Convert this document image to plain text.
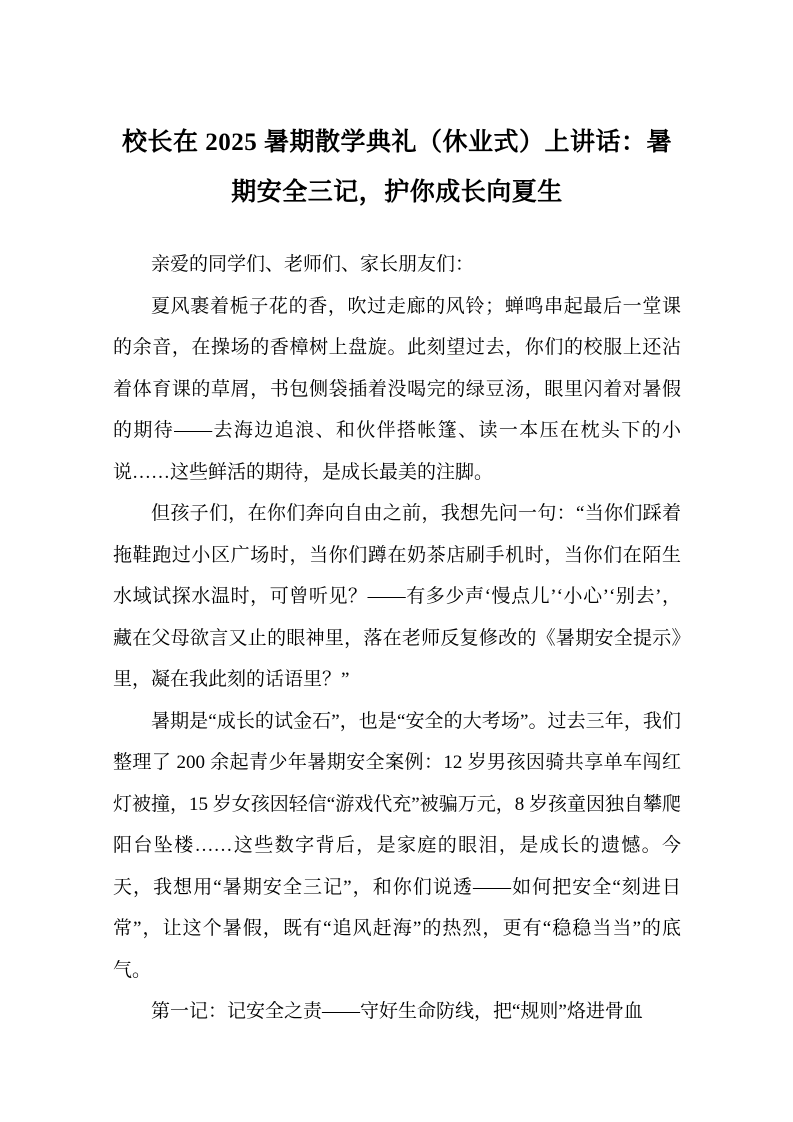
校长在 2025 暑期散学典礼（休业式）上讲话：暑期安全三记，护你成长向夏生

亲爱的同学们、老师们、家长朋友们：

夏风裹着栀子花的香，吹过走廊的风铃；蝉鸣串起最后一堂课的余音，在操场的香樟树上盘旋。此刻望过去，你们的校服上还沾着体育课的草屑，书包侧袋插着没喝完的绿豆汤，眼里闪着对暑假的期待——去海边追浪、和伙伴搭帐篷、读一本压在枕头下的小说……这些鲜活的期待，是成长最美的注脚。

但孩子们，在你们奔向自由之前，我想先问一句：“当你们踩着拖鞋跑过小区广场时，当你们蹲在奶茶店刷手机时，当你们在陌生水域试探水温时，可曾听见？——有多少声‘慢点儿’‘小心’‘别去’，藏在父母欲言又止的眼神里，落在老师反复修改的《暑期安全提示》里，凝在我此刻的话语里？”

暑期是“成长的试金石”，也是“安全的大考场”。过去三年，我们整理了 200 余起青少年暑期安全案例：12 岁男孩因骑共享单车闯红灯被撞，15 岁女孩因轻信“游戏代充”被骗万元，8 岁孩童因独自攀爬阳台坠楼……这些数字背后，是家庭的眼泪，是成长的遗憾。今天，我想用“暑期安全三记”，和你们说透——如何把安全“刻进日常”，让这个暑假，既有“追风赶海”的热烈，更有“稳稳当当”的底气。

第一记：记安全之责——守好生命防线，把“规则”烙进骨血
